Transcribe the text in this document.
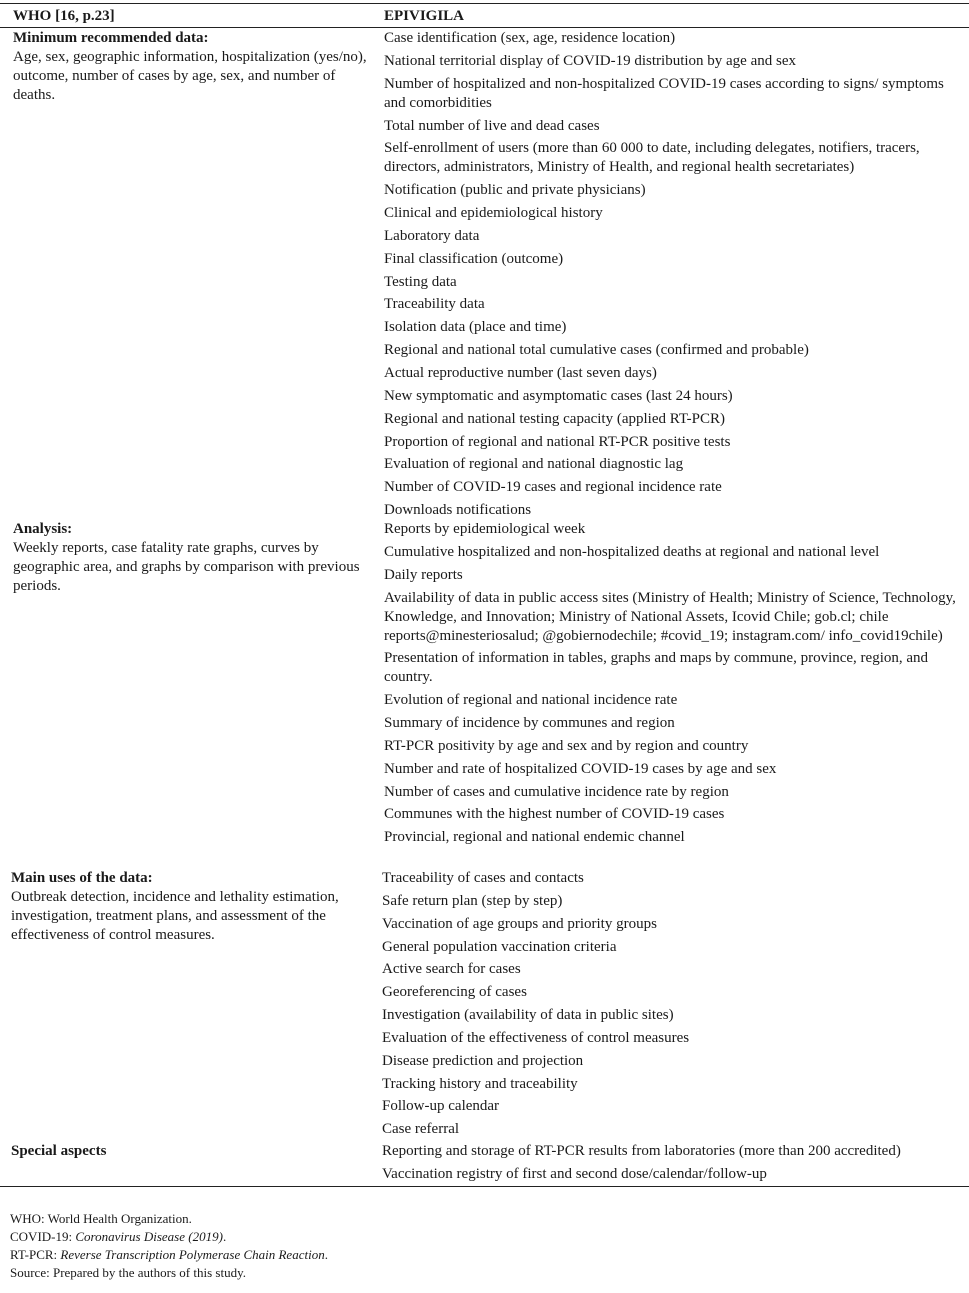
WHO [16, p.23]	EPIVIGILA
Minimum recommended data:
Age, sex, geographic information, hospitalization (yes/no), outcome, number of cases by age, sex, and number of deaths.
Case identification (sex, age, residence location)
National territorial display of COVID-19 distribution by age and sex
Number of hospitalized and non-hospitalized COVID-19 cases according to signs/ symptoms and comorbidities
Total number of live and dead cases
Self-enrollment of users (more than 60 000 to date, including delegates, notifiers, tracers, directors, administrators, Ministry of Health, and regional health secretariates)
Notification (public and private physicians)
Clinical and epidemiological history
Laboratory data
Final classification (outcome)
Testing data
Traceability data
Isolation data (place and time)
Regional and national total cumulative cases (confirmed and probable)
Actual reproductive number (last seven days)
New symptomatic and asymptomatic cases (last 24 hours)
Regional and national testing capacity (applied RT-PCR)
Proportion of regional and national RT-PCR positive tests
Evaluation of regional and national diagnostic lag
Number of COVID-19 cases and regional incidence rate
Downloads notifications
Analysis:
Weekly reports, case fatality rate graphs, curves by geographic area, and graphs by comparison with previous periods.
Reports by epidemiological week
Cumulative hospitalized and non-hospitalized deaths at regional and national level
Daily reports
Availability of data in public access sites (Ministry of Health; Ministry of Science, Technology, Knowledge, and Innovation; Ministry of National Assets, Icovid Chile; gob.cl; chile reports@minesteriosalud; @gobiernodechile; #covid_19; instagram.com/ info_covid19chile)
Presentation of information in tables, graphs and maps by commune, province, region, and country.
Evolution of regional and national incidence rate
Summary of incidence by communes and region
RT-PCR positivity by age and sex and by region and country
Number and rate of hospitalized COVID-19 cases by age and sex
Number of cases and cumulative incidence rate by region
Communes with the highest number of COVID-19 cases
Provincial, regional and national endemic channel
Main uses of the data:
Outbreak detection, incidence and lethality estimation, investigation, treatment plans, and assessment of the effectiveness of control measures.
Traceability of cases and contacts
Safe return plan (step by step)
Vaccination of age groups and priority groups
General population vaccination criteria
Active search for cases
Georeferencing of cases
Investigation (availability of data in public sites)
Evaluation of the effectiveness of control measures
Disease prediction and projection
Tracking history and traceability
Follow-up calendar
Case referral
Special aspects	Reporting and storage of RT-PCR results from laboratories (more than 200 accredited)
Vaccination registry of first and second dose/calendar/follow-up
WHO: World Health Organization.
COVID-19: Coronavirus Disease (2019).
RT-PCR: Reverse Transcription Polymerase Chain Reaction.
Source: Prepared by the authors of this study.
